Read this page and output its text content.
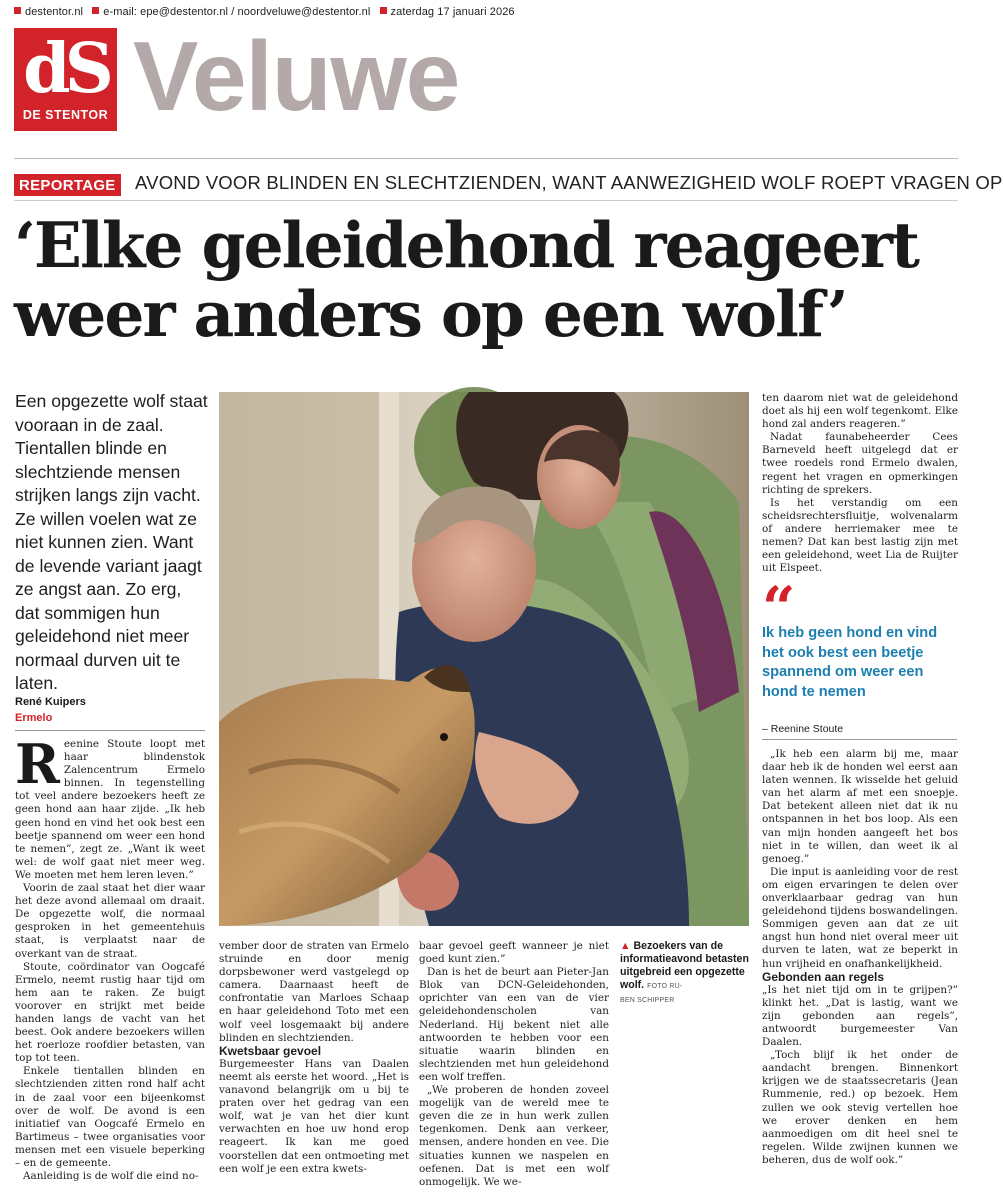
destentor.nl e-mail: epe@destentor.nl / noordveluwe@destentor.nl zaterdag 17 januari 2026
dS
DE STENTOR Veluwe
REPORTAGE AVOND VOOR BLINDEN EN SLECHTZIENDEN, WANT AANWEZIGHEID WOLF ROEPT VRAGEN OP
‘Elke geleidehond reageert
weer anders op een wolf’
Een opgezette wolf staat vooraan in de zaal. Tientallen blinde en slechtziende mensen strijken langs zijn vacht. Ze willen voelen wat ze niet kunnen zien. Want de levende variant jaagt ze angst aan. Zo erg, dat sommigen hun geleidehond niet meer normaal durven uit te laten.
René Kuipers
Ermelo

Reenine Stoute loopt met haar blindenstok Zalencentrum Ermelo binnen. In tegenstelling tot veel andere bezoekers heeft ze geen hond aan haar zijde. „Ik heb geen hond en vind het ook best een beetje spannend om weer een hond te nemen”, zegt ze. „Want ik weet wel: de wolf gaat niet meer weg. We moeten met hem leren leven.”

Voorin de zaal staat het dier waar het deze avond allemaal om draait. De opgezette wolf, die normaal gesproken in het gemeentehuis staat, is verplaatst naar de overkant van de straat.

Stoute, coördinator van Oogcafé Ermelo, neemt rustig haar tijd om hem aan te raken. Ze buigt voorover en strijkt met beide handen langs de vacht van het beest. Ook andere bezoekers willen het roerloze roofdier betasten, van top tot teen.

Enkele tientallen blinden en slechtzienden zitten rond half acht in de zaal voor een bijeenkomst over de wolf. De avond is een initiatief van Oogcafé Ermelo en Bartimeus – twee organisaties voor mensen met een visuele beperking – en de gemeente.

Aanleiding is de wolf die eind no-

vember door de straten van Ermelo struinde en door menig dorpsbewoner werd vastgelegd op camera. Daarnaast heeft de confrontatie van Marloes Schaap en haar geleidehond Toto met een wolf veel losgemaakt bij andere blinden en slechtzienden.

Kwetsbaar gevoel

Burgemeester Hans van Daalen neemt als eerste het woord. „Het is vanavond belangrijk om u bij te praten over het gedrag van een wolf, wat je van het dier kunt verwachten en hoe uw hond erop reageert. Ik kan me goed voorstellen dat een ontmoeting met een wolf je een extra kwets-

baar gevoel geeft wanneer je niet goed kunt zien.”

Dan is het de beurt aan Pieter-Jan Blok van DCN-Geleidehonden, oprichter van een van de vier geleidehondenscholen van Nederland. Hij bekent niet alle antwoorden te hebben voor een situatie waarin blinden en slechtzienden met hun geleidehond een wolf treffen.

„We proberen de honden zoveel mogelijk van de wereld mee te geven die ze in hun werk zullen tegenkomen. Denk aan verkeer, mensen, andere honden en vee. Die situaties kunnen we naspelen en oefenen. Dat is met een wolf onmogelijk. We we-

▲ Bezoekers van de informatieavond betasten uitgebreid een opgezette wolf. FOTO RU-
BEN SCHIPPER

ten daarom niet wat de geleidehond doet als hij een wolf tegenkomt. Elke hond zal anders reageren.”

Nadat faunabeheerder Cees Barneveld heeft uitgelegd dat er twee roedels rond Ermelo dwalen, regent het vragen en opmerkingen richting de sprekers.

Is het verstandig om een scheidsrechtersfluitje, wolvenalarm of andere herriemaker mee te nemen? Dat kan best lastig zijn met een geleidehond, weet Lia de Ruijter uit Elspeet.

“
Ik heb geen hond en vind het ook best een beetje spannend om weer een hond te nemen
– Reenine Stoute

„Ik heb een alarm bij me, maar daar heb ik de honden wel eerst aan laten wennen. Ik wisselde het geluid van het alarm af met een snoepje. Dat betekent alleen niet dat ik nu ontspannen in het bos loop. Als een van mijn honden aangeeft het bos niet in te willen, dan weet ik al genoeg.”

Die input is aanleiding voor de rest om eigen ervaringen te delen over onverklaarbaar gedrag van hun geleidehond tijdens boswandelingen. Sommigen geven aan dat ze uit angst hun hond niet overal meer uit durven te laten, wat ze beperkt in hun vrijheid en onafhankelijkheid.

Gebonden aan regels

„Is het niet tijd om in te grijpen?” klinkt het. „Dat is lastig, want we zijn gebonden aan regels”, antwoordt burgemeester Van Daalen.

„Toch blijf ik het onder de aandacht brengen. Binnenkort krijgen we de staatssecretaris (Jean Rummenie, red.) op bezoek. Hem zullen we ook stevig vertellen hoe we erover denken en hem aanmoedigen om dit heel snel te regelen. Wilde zwijnen kunnen we beheren, dus de wolf ook.”
